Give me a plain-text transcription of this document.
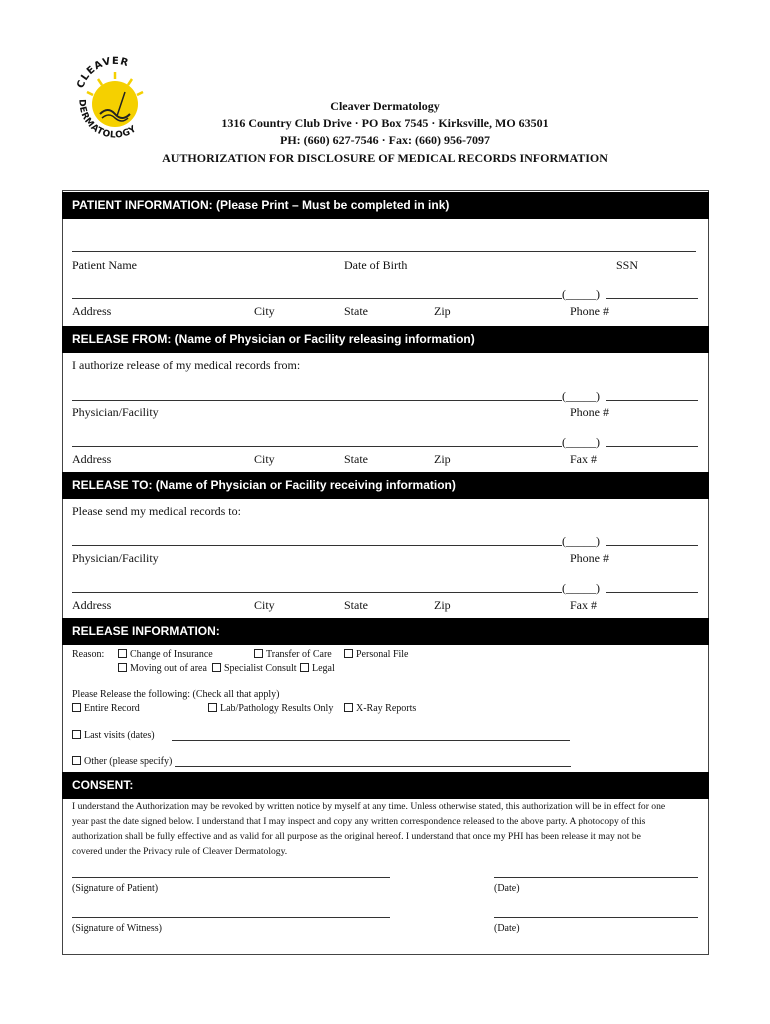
CLEAVER
DERMATOLOGY
Cleaver Dermatology
1316 Country Club Drive · PO Box 7545 · Kirksville, MO 63501
PH: (660) 627-7546 · Fax: (660) 956-7097
AUTHORIZATION FOR DISCLOSURE OF MEDICAL RECORDS INFORMATION
PATIENT INFORMATION: (Please Print – Must be completed in ink)
Patient Name	Date of Birth	SSN
(_____)
Address	City	State	Zip	Phone #
RELEASE FROM: (Name of Physician or Facility releasing information)
I authorize release of my medical records from:
(_____)
Physician/Facility	Phone #
(_____)
Address	City	State	Zip	Fax #
RELEASE TO: (Name of Physician or Facility receiving information)
Please send my medical records to:
(_____)
Physician/Facility	Phone #
(_____)
Address	City	State	Zip	Fax #
RELEASE INFORMATION:
Reason:	Change of Insurance	Transfer of Care	Personal File
Moving out of area	Specialist Consult	Legal
Please Release the following: (Check all that apply)
Entire Record	Lab/Pathology Results Only	X-Ray Reports
Last visits (dates)
Other (please specify)
CONSENT:
I understand the Authorization may be revoked by written notice by myself at any time. Unless otherwise stated, this authorization will be in effect for one
year past the date signed below. I understand that I may inspect and copy any written correspondence released to the above party. A photocopy of this
authorization shall be fully effective and as valid for all purpose as the original hereof. I understand that once my PHI has been release it may not be
covered under the Privacy rule of Cleaver Dermatology.
(Signature of Patient)	(Date)
(Signature of Witness)	(Date)
